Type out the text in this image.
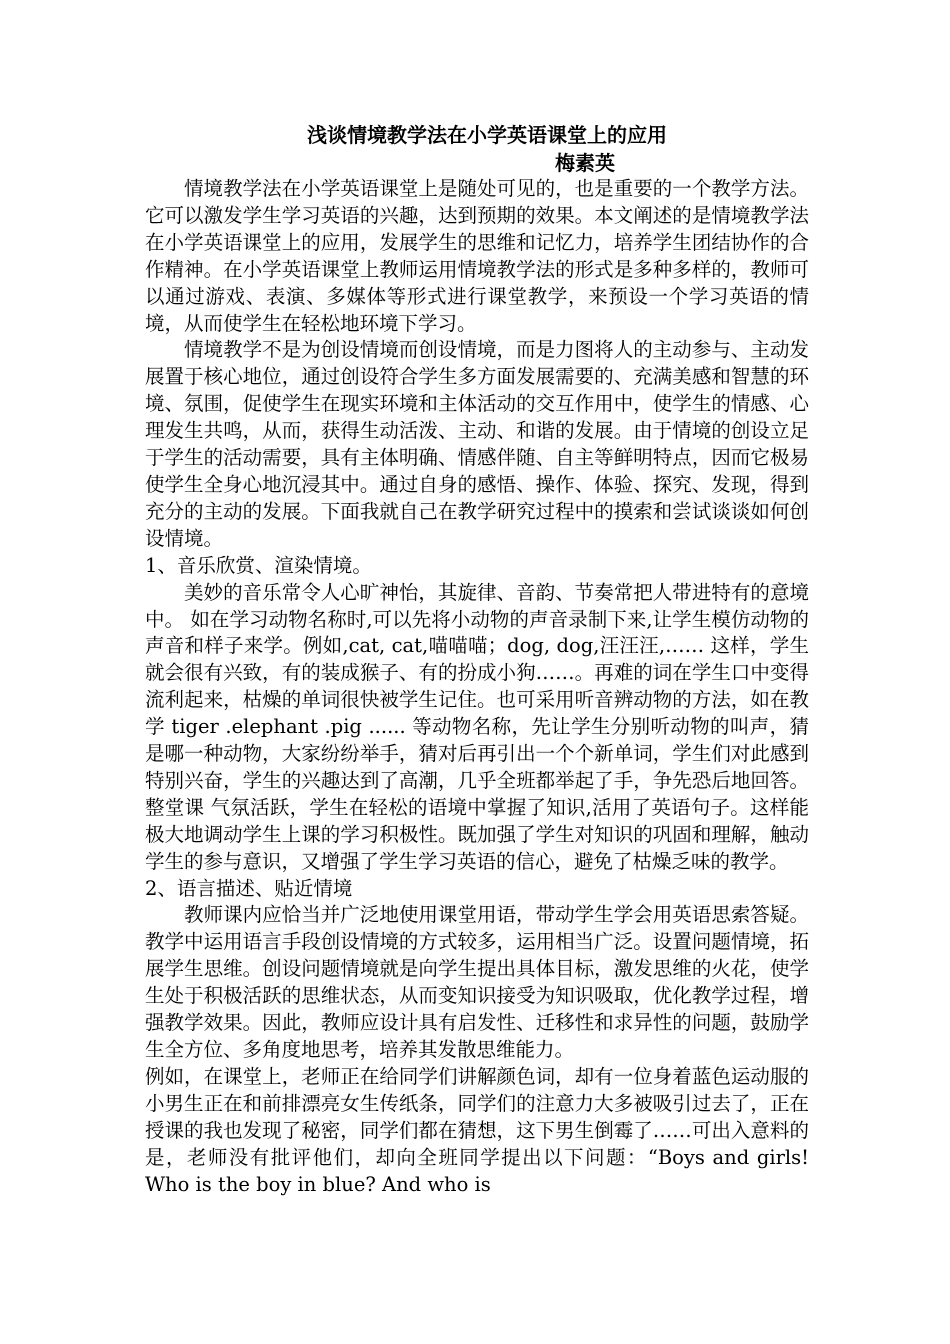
浅谈情境教学法在小学英语课堂上的应用
梅素英

情境教学法在小学英语课堂上是随处可见的，也是重要的一个教学方法。它可以激发学生学习英语的兴趣，达到预期的效果。本文阐述的是情境教学法在小学英语课堂上的应用，发展学生的思维和记忆力，培养学生团结协作的合作精神。在小学英语课堂上教师运用情境教学法的形式是多种多样的，教师可以通过游戏、表演、多媒体等形式进行课堂教学，来预设一个学习英语的情境，从而使学生在轻松地环境下学习。

情境教学不是为创设情境而创设情境，而是力图将人的主动参与、主动发展置于核心地位，通过创设符合学生多方面发展需要的、充满美感和智慧的环境、氛围，促使学生在现实环境和主体活动的交互作用中，使学生的情感、心理发生共鸣，从而，获得生动活泼、主动、和谐的发展。由于情境的创设立足于学生的活动需要，具有主体明确、情感伴随、自主等鲜明特点，因而它极易使学生全身心地沉浸其中。通过自身的感悟、操作、体验、探究、发现，得到充分的主动的发展。下面我就自己在教学研究过程中的摸索和尝试谈谈如何创设情境。

1、音乐欣赏、渲染情境。

美妙的音乐常令人心旷神怡，其旋律、音韵、节奏常把人带进特有的意境中。 如在学习动物名称时,可以先将小动物的声音录制下来,让学生模仿动物的声音和样子来学。例如,cat, cat,喵喵喵；dog, dog,汪汪汪,…… 这样，学生就会很有兴致，有的装成猴子、有的扮成小狗……。再难的词在学生口中变得流利起来，枯燥的单词很快被学生记住。也可采用听音辨动物的方法，如在教学 tiger .elephant .pig ...... 等动物名称，先让学生分别听动物的叫声，猜是哪一种动物，大家纷纷举手，猜对后再引出一个个新单词，学生们对此感到特别兴奋，学生的兴趣达到了高潮，几乎全班都举起了手，争先恐后地回答。整堂课 气氛活跃，学生在轻松的语境中掌握了知识,活用了英语句子。这样能极大地调动学生上课的学习积极性。既加强了学生对知识的巩固和理解，触动学生的参与意识，又增强了学生学习英语的信心，避免了枯燥乏味的教学。

2、语言描述、贴近情境

教师课内应恰当并广泛地使用课堂用语，带动学生学会用英语思索答疑。教学中运用语言手段创设情境的方式较多，运用相当广泛。设置问题情境，拓展学生思维。创设问题情境就是向学生提出具体目标，激发思维的火花，使学生处于积极活跃的思维状态，从而变知识接受为知识吸取，优化教学过程，增强教学效果。因此，教师应设计具有启发性、迁移性和求异性的问题，鼓励学生全方位、多角度地思考，培养其发散思维能力。

例如，在课堂上，老师正在给同学们讲解颜色词，却有一位身着蓝色运动服的小男生正在和前排漂亮女生传纸条，同学们的注意力大多被吸引过去了，正在授课的我也发现了秘密，同学们都在猜想，这下男生倒霉了……可出入意料的是，老师没有批评他们，却向全班同学提出以下问题：“Boys and girls! Who is the boy in blue? And who is
